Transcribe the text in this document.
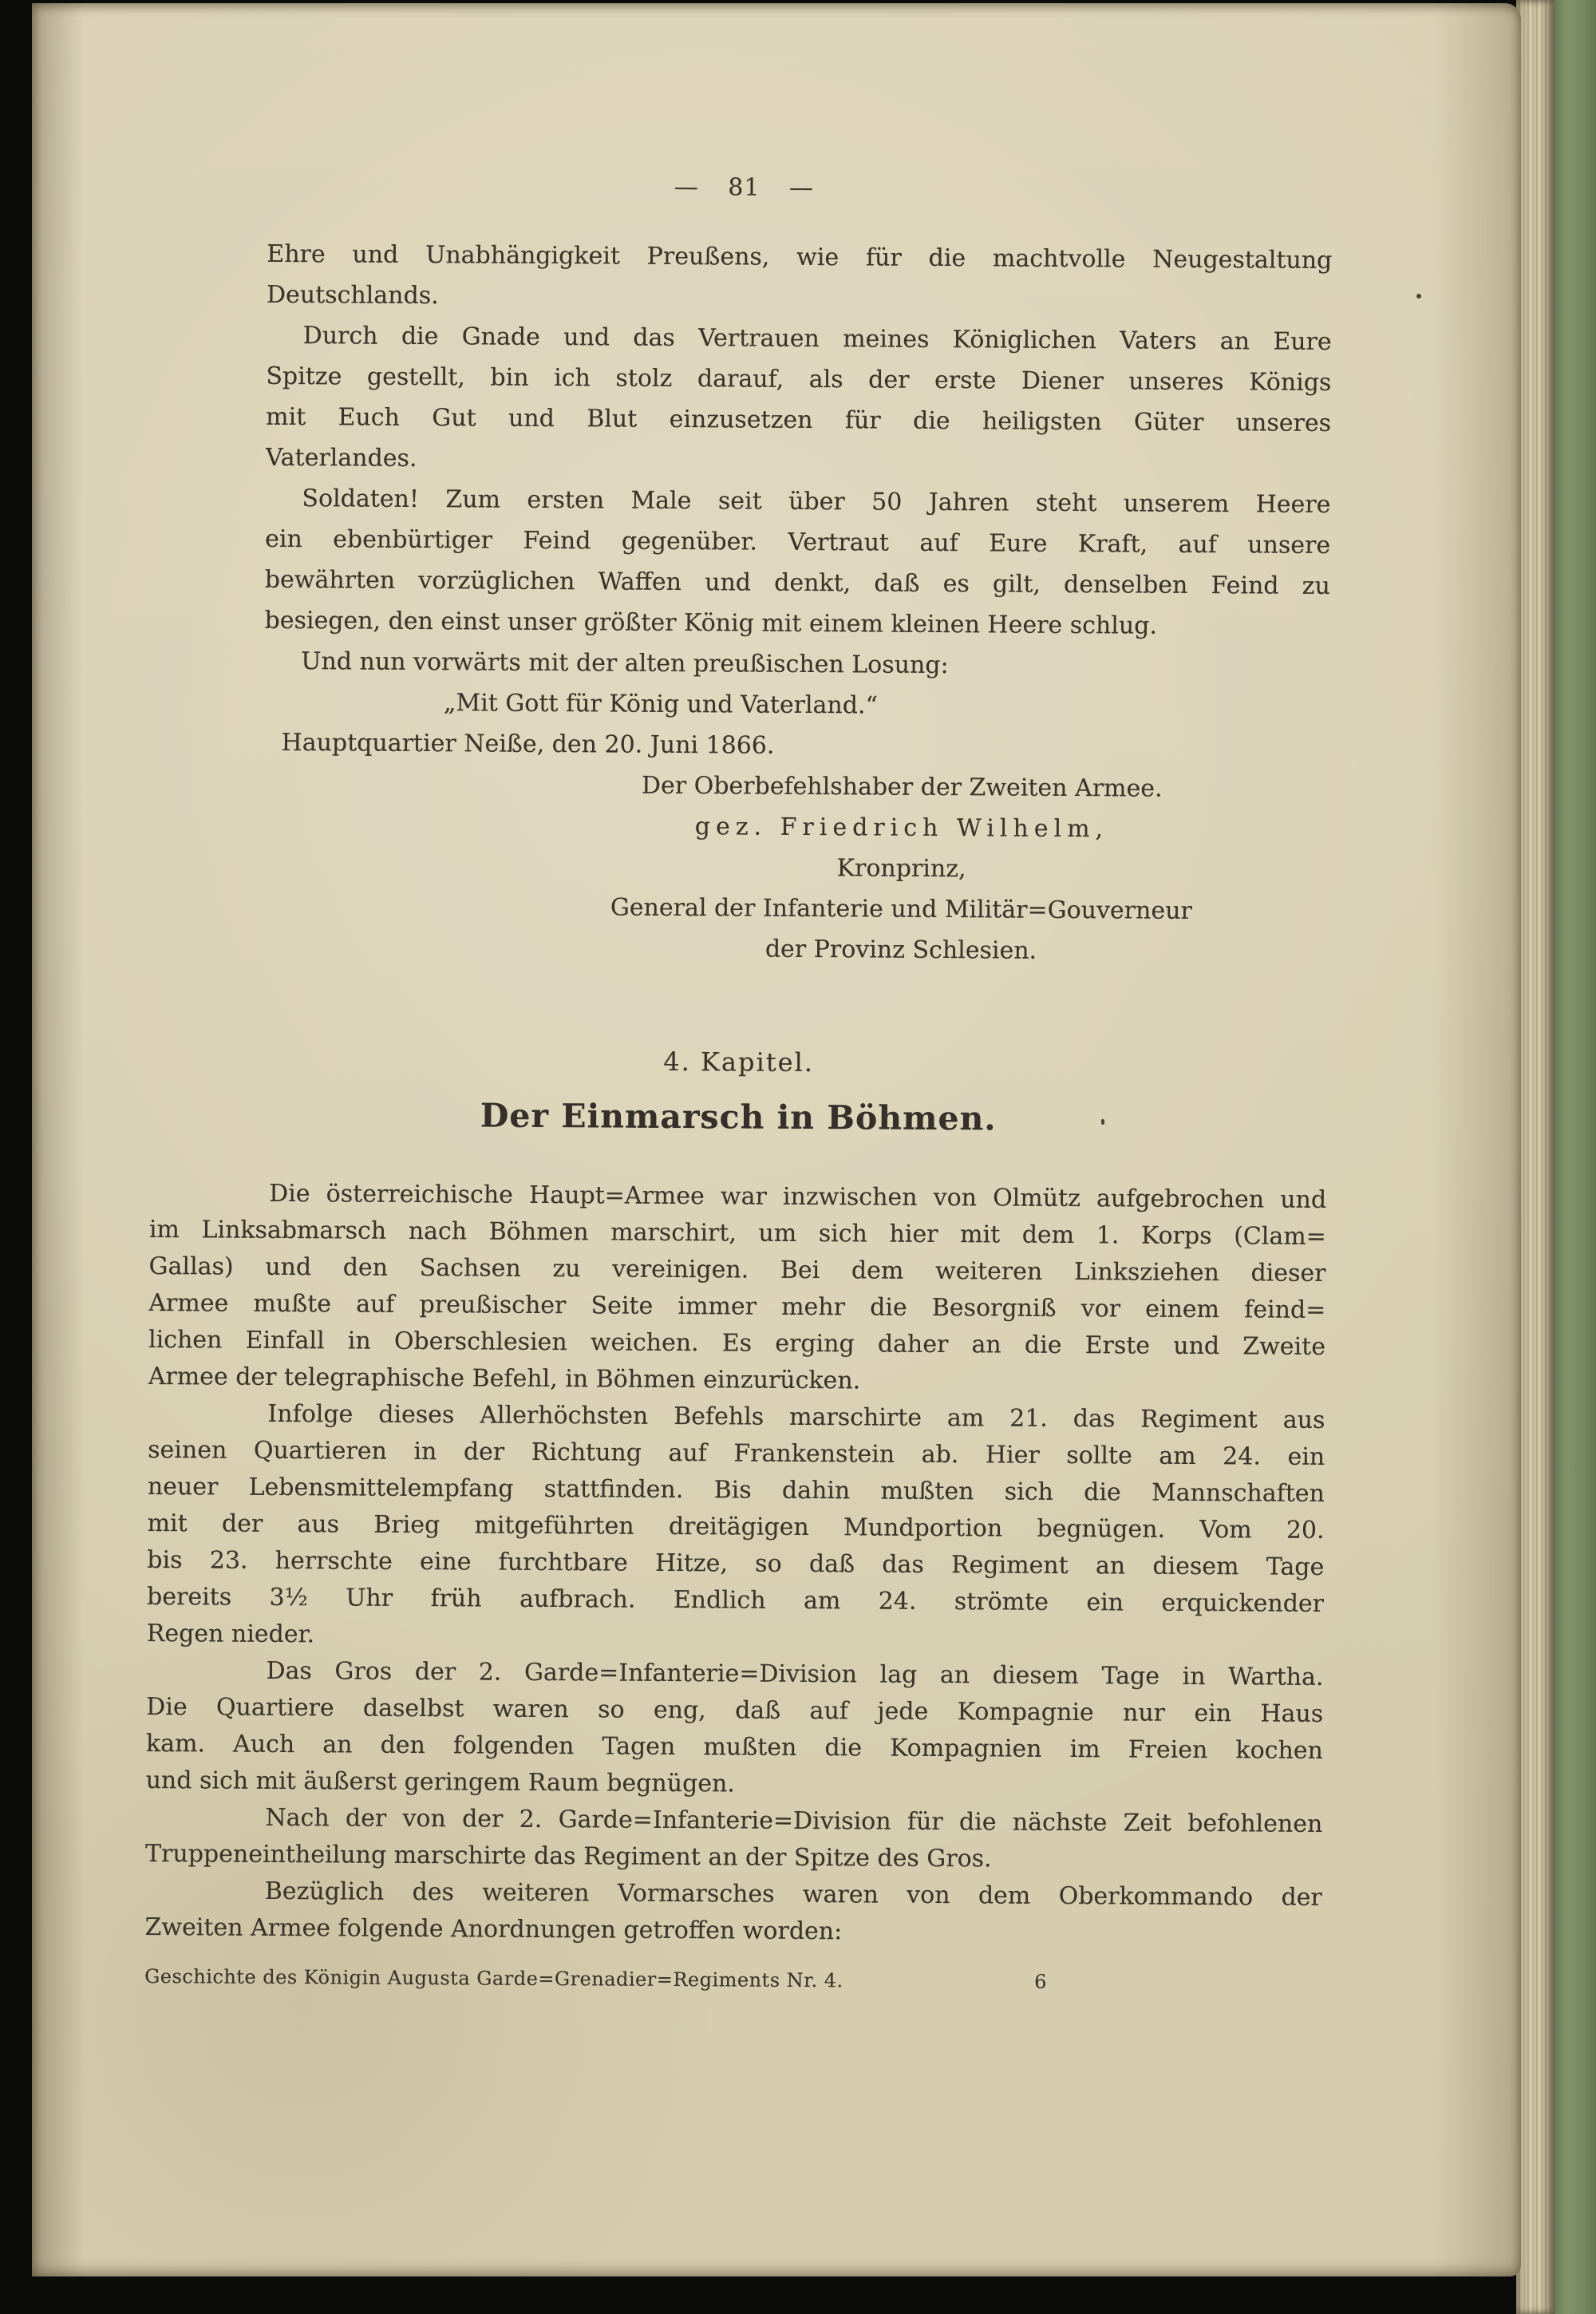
— 81 —

Ehre und Unabhängigkeit Preußens, wie für die machtvolle Neugestaltung
Deutschlands.

Durch die Gnade und das Vertrauen meines Königlichen Vaters an Eure
Spitze gestellt, bin ich stolz darauf, als der erste Diener unseres Königs
mit Euch Gut und Blut einzusetzen für die heiligsten Güter unseres
Vaterlandes.

Soldaten! Zum ersten Male seit über 50 Jahren steht unserem Heere
ein ebenbürtiger Feind gegenüber. Vertraut auf Eure Kraft, auf unsere
bewährten vorzüglichen Waffen und denkt, daß es gilt, denselben Feind zu
besiegen, den einst unser größter König mit einem kleinen Heere schlug.

Und nun vorwärts mit der alten preußischen Losung:

„Mit Gott für König und Vaterland.“
Hauptquartier Neiße, den 20. Juni 1866.
Der Oberbefehlshaber der Zweiten Armee.
gez. Friedrich Wilhelm,
Kronprinz,
General der Infanterie und Militär=Gouverneur
der Provinz Schlesien.
4. Kapitel.
Der Einmarsch in Böhmen.

Die österreichische Haupt=Armee war inzwischen von Olmütz aufgebrochen und
im Linksabmarsch nach Böhmen marschirt, um sich hier mit dem 1. Korps (Clam=
Gallas) und den Sachsen zu vereinigen. Bei dem weiteren Linksziehen dieser
Armee mußte auf preußischer Seite immer mehr die Besorgniß vor einem feind=
lichen Einfall in Oberschlesien weichen. Es erging daher an die Erste und Zweite
Armee der telegraphische Befehl, in Böhmen einzurücken.

Infolge dieses Allerhöchsten Befehls marschirte am 21. das Regiment aus
seinen Quartieren in der Richtung auf Frankenstein ab. Hier sollte am 24. ein
neuer Lebensmittelempfang stattfinden. Bis dahin mußten sich die Mannschaften
mit der aus Brieg mitgeführten dreitägigen Mundportion begnügen. Vom 20.
bis 23. herrschte eine furchtbare Hitze, so daß das Regiment an diesem Tage
bereits 3½ Uhr früh aufbrach. Endlich am 24. strömte ein erquickender
Regen nieder.

Das Gros der 2. Garde=Infanterie=Division lag an diesem Tage in Wartha.
Die Quartiere daselbst waren so eng, daß auf jede Kompagnie nur ein Haus
kam. Auch an den folgenden Tagen mußten die Kompagnien im Freien kochen
und sich mit äußerst geringem Raum begnügen.

Nach der von der 2. Garde=Infanterie=Division für die nächste Zeit befohlenen
Truppeneintheilung marschirte das Regiment an der Spitze des Gros.

Bezüglich des weiteren Vormarsches waren von dem Oberkommando der
Zweiten Armee folgende Anordnungen getroffen worden:

Geschichte des Königin Augusta Garde=Grenadier=Regiments Nr. 4.	6
